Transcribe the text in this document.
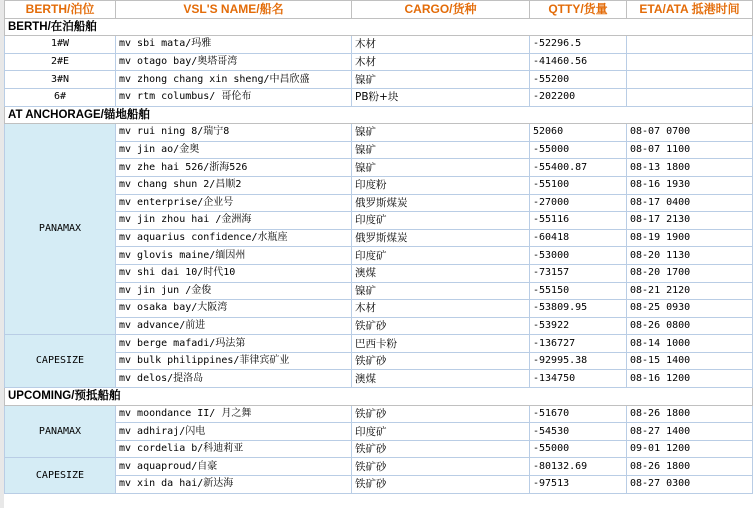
BERTH/泊位	VSL'S NAME/船名	CARGO/货种	QTTY/货量	ETA/ATA 抵港时间
BERTH/在泊船舶				
1#W	mv sbi mata/玛雅	木材	-52296.5	
2#E	mv otago bay/奥塔哥湾	木材	-41460.56	
3#N	mv zhong chang xin sheng/中昌欣盛	镍矿	-55200	
6#	mv rtm columbus/ 哥伦布	PB粉+块	-202200	
AT ANCHORAGE/锚地船舶				
PANAMAX	mv rui ning 8/瑞宁8	镍矿	52060	08-07 0700
	mv jin ao/金奥	镍矿	-55000	08-07 1100
	mv zhe hai 526/浙海526	镍矿	-55400.87	08-13 1800
	mv chang shun 2/昌顺2	印度粉	-55100	08-16 1930
	mv enterprise/企业号	俄罗斯煤炭	-27000	08-17 0400
	mv jin zhou hai /金洲海	印度矿	-55116	08-17 2130
	mv aquarius confidence/水瓶座	俄罗斯煤炭	-60418	08-19 1900
	mv glovis maine/缅因州	印度矿	-53000	08-20 1130
	mv shi dai 10/时代10	澳煤	-73157	08-20 1700
	mv jin jun /金俊	镍矿	-55150	08-21 2120
	mv osaka bay/大阪湾	木材	-53809.95	08-25 0930
	mv advance/前进	铁矿砂	-53922	08-26 0800
CAPESIZE	mv berge mafadi/玛法第	巴西卡粉	-136727	08-14 1000
	mv bulk philippines/菲律宾矿业	铁矿砂	-92995.38	08-15 1400
	mv delos/提洛岛	澳煤	-134750	08-16 1200
UPCOMING/预抵船舶				
PANAMAX	mv moondance II/ 月之舞	铁矿砂	-51670	08-26 1800
	mv adhiraj/闪电	印度矿	-54530	08-27 1400
	mv cordelia b/科迪莉亚	铁矿砂	-55000	09-01 1200
CAPESIZE	mv aquaproud/自豪	铁矿砂	-80132.69	08-26 1800
	mv xin da hai/新达海	铁矿砂	-97513	08-27 0300
